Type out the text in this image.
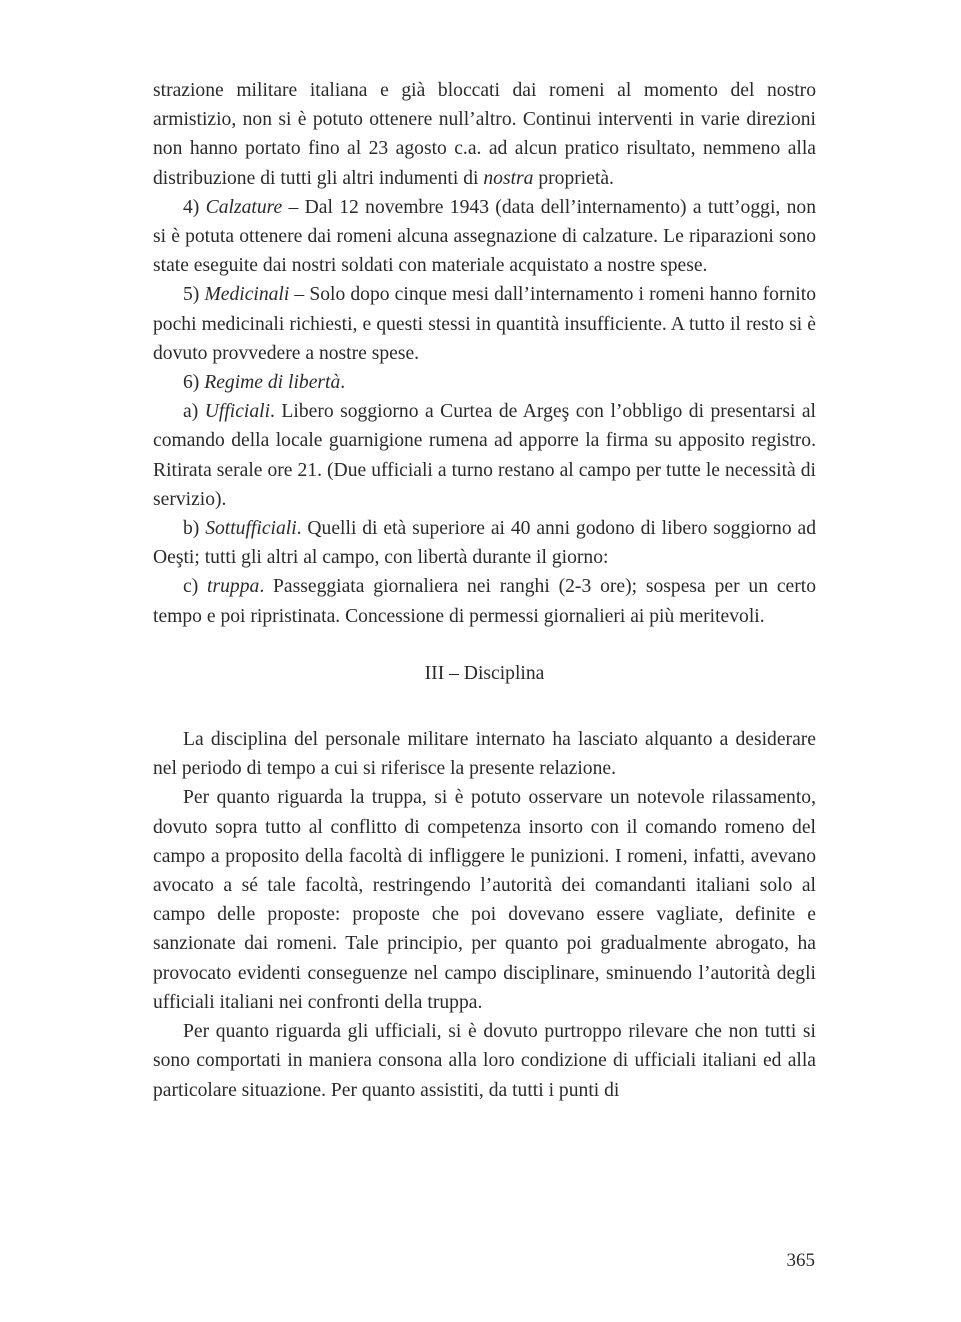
strazione militare italiana e già bloccati dai romeni al momento del nostro armistizio, non si è potuto ottenere null’altro. Continui interventi in varie direzioni non hanno portato fino al 23 agosto c.a. ad alcun pratico risultato, nemmeno alla distribuzione di tutti gli altri indumenti di nostra proprietà.

4) Calzature – Dal 12 novembre 1943 (data dell’internamento) a tutt’oggi, non si è potuta ottenere dai romeni alcuna assegnazione di calzature. Le riparazioni sono state eseguite dai nostri soldati con materiale acquistato a nostre spese.

5) Medicinali – Solo dopo cinque mesi dall’internamento i romeni hanno fornito pochi medicinali richiesti, e questi stessi in quantità insufficiente. A tutto il resto si è dovuto provvedere a nostre spese.

6) Regime di libertà.

a) Ufficiali. Libero soggiorno a Curtea de Argeş con l’obbligo di presentarsi al comando della locale guarnigione rumena ad apporre la firma su apposito registro. Ritirata serale ore 21. (Due ufficiali a turno restano al campo per tutte le necessità di servizio).

b) Sottufficiali. Quelli di età superiore ai 40 anni godono di libero soggiorno ad Oeşti; tutti gli altri al campo, con libertà durante il giorno:

c) truppa. Passeggiata giornaliera nei ranghi (2-3 ore); sospesa per un certo tempo e poi ripristinata. Concessione di permessi giornalieri ai più meritevoli.

III – Disciplina

La disciplina del personale militare internato ha lasciato alquanto a desiderare nel periodo di tempo a cui si riferisce la presente relazione.

Per quanto riguarda la truppa, si è potuto osservare un notevole rilassamento, dovuto sopra tutto al conflitto di competenza insorto con il comando romeno del campo a proposito della facoltà di infliggere le punizioni. I romeni, infatti, avevano avocato a sé tale facoltà, restringendo l’autorità dei comandanti italiani solo al campo delle proposte: proposte che poi dovevano essere vagliate, definite e sanzionate dai romeni. Tale principio, per quanto poi gradualmente abrogato, ha provocato evidenti conseguenze nel campo disciplinare, sminuendo l’autorità degli ufficiali italiani nei confronti della truppa.

Per quanto riguarda gli ufficiali, si è dovuto purtroppo rilevare che non tutti si sono comportati in maniera consona alla loro condizione di ufficiali italiani ed alla particolare situazione. Per quanto assistiti, da tutti i punti di

365
